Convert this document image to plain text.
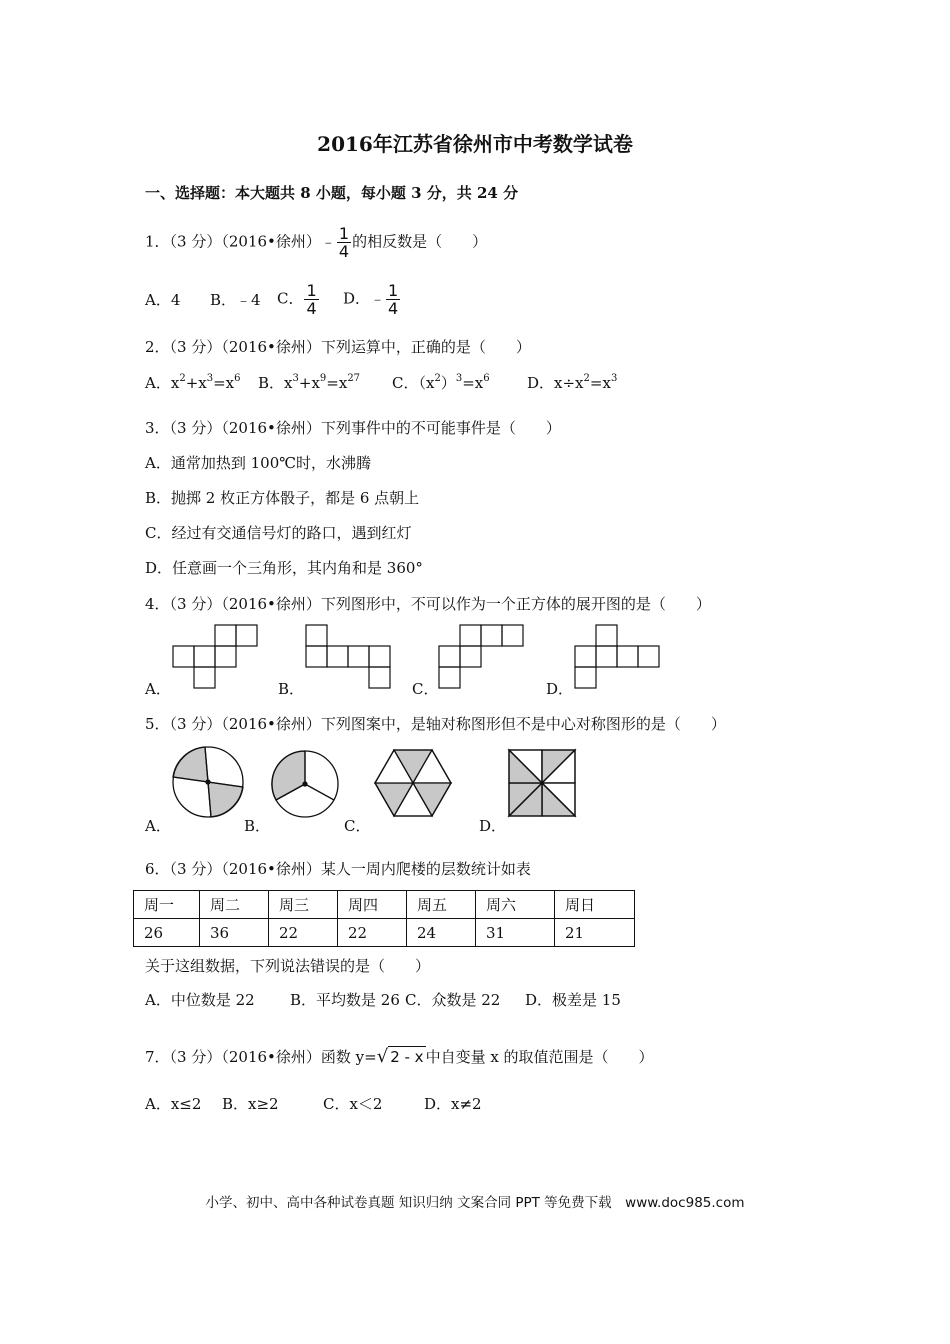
2016年江苏省徐州市中考数学试卷
一、选择题：本大题共 8 小题，每小题 3 分，共 24 分
1．（3 分）（2016•徐州）﹣ $\frac{1}{4}$ 的相反数是（　　）
A．4 B．﹣4 C． $\frac{1}{4}$ D．﹣ $\frac{1}{4}$
2．（3 分）（2016•徐州）下列运算中，正确的是（　　）
A．$x^2+x^3=x^6$ B．$x^3+x^9=x^{27}$ C．$(x^2)^3=x^6$ D．$x\div x^2=x^3$
3．（3 分）（2016•徐州）下列事件中的不可能事件是（　　）
A．通常加热到 100℃时，水沸腾
B．抛掷 2 枚正方体骰子，都是 6 点朝上
C．经过有交通信号灯的路口，遇到红灯
D．任意画一个三角形，其内角和是 360°
4．（3 分）（2016•徐州）下列图形中，不可以作为一个正方体的展开图的是（　　）
A．	B．	C．	D．
5．（3 分）（2016•徐州）下列图案中，是轴对称图形但不是中心对称图形的是（　　）
A．	B．	C．	D．
6．（3 分）（2016•徐州）某人一周内爬楼的层数统计如表
周一	周二	周三	周四	周五	周六	周日
26	36	22	22	24	31	21
关于这组数据，下列说法错误的是（　　）
A．中位数是 22 B．平均数是 26 C．众数是 22 D．极差是 15
7．（3 分）（2016•徐州）函数 y=√ 2 - x 中自变量 x 的取值范围是（　　）
A．x≤2 B．x≥2	C．x＜2	D．x≠2
小学、初中、高中各种试卷真题 知识归纳 文案合同 PPT 等免费下载　www.doc985.com
